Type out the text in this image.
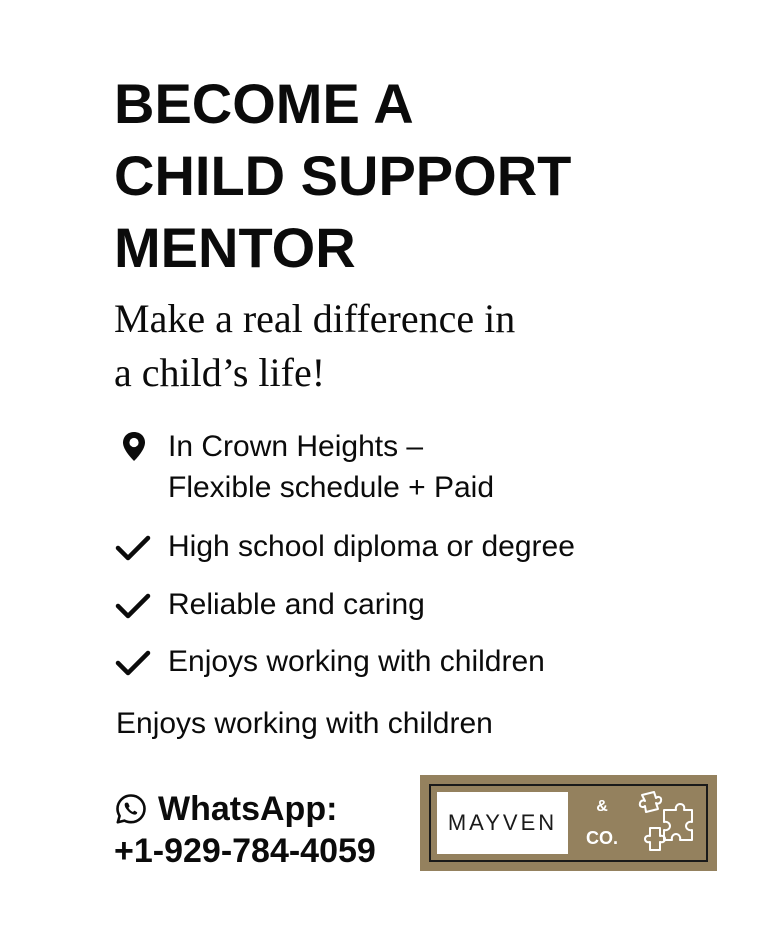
BECOME A
CHILD SUPPORT
MENTOR
Make a real difference in
a child’s life!
In Crown Heights –
Flexible schedule + Paid
High school diploma or degree
Reliable and caring
Enjoys working with children
Enjoys working with children
WhatsApp:
+1-929-784-4059
MAYVEN
&
CO.
